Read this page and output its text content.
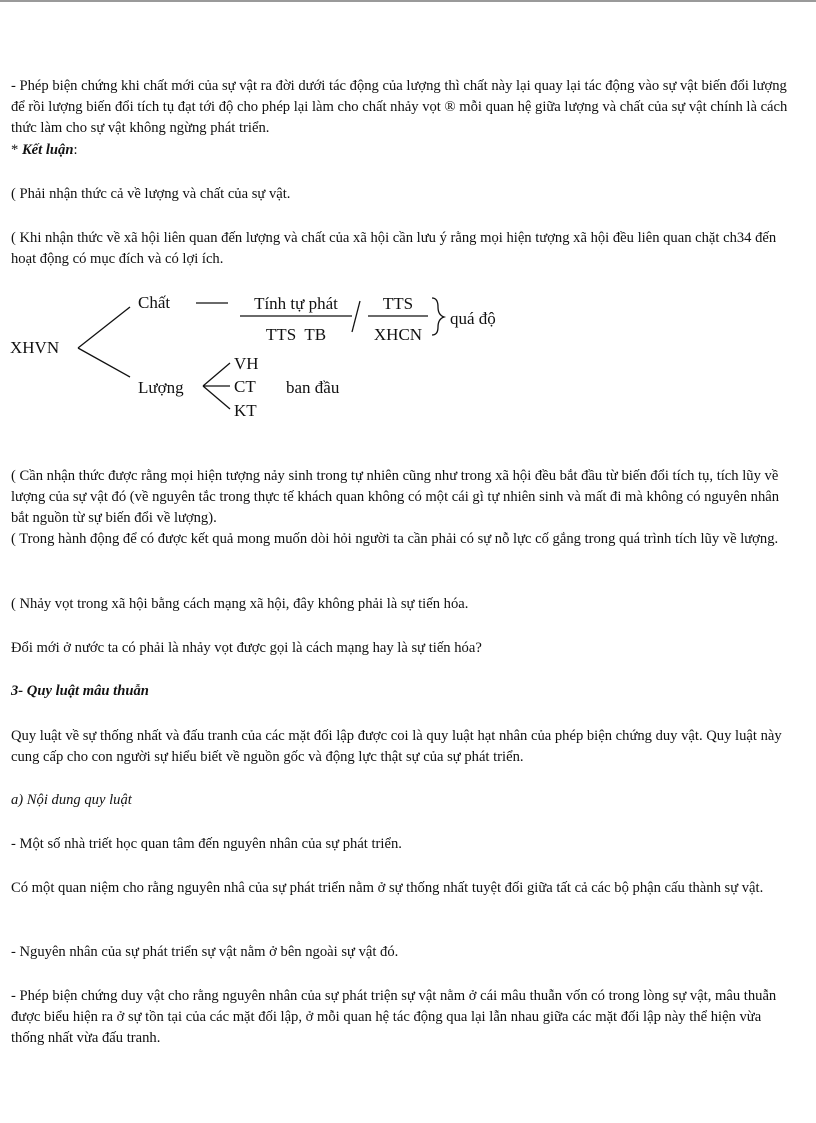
- Phép biện chứng khi chất mới của sự vật ra đời dưới tác động của lượng thì chất này lại quay lại tác động vào sự vật biến đổi lượng để rồi lượng biến đổi tích tụ đạt tới độ cho phép lại làm cho chất nhảy vọt ® mỗi quan hệ giữa lượng và chất của sự vật chính là cách thức làm cho sự vật không ngừng phát triển.

* Kết luận:

( Phải nhận thức cả về lượng và chất của sự vật.

( Khi nhận thức về xã hội liên quan đến lượng và chất của xã hội cần lưu ý rằng mọi hiện tượng xã hội đều liên quan chặt ch34 đến hoạt động có mục đích và có lợi ích.

XHVN
Chất	Tính tự phát
TTS  TB
TTS
XHCN
quá độ
Lượng
VH
CT
KT
ban đầu

( Cần nhận thức được rằng mọi hiện tượng nảy sinh trong tự nhiên cũng như trong xã hội đều bắt đầu từ biến đổi tích tụ, tích lũy về lượng của sự vật đó (về nguyên tắc trong thực tế khách quan không có một cái gì tự nhiên sinh và mất đi mà không có nguyên nhân bắt nguồn từ sự biến đổi về lượng).

( Trong hành động để có được kết quả mong muốn dòi hỏi người ta cần phải có sự nỗ lực cố gắng trong quá trình tích lũy về lượng.

( Nhảy vọt trong xã hội bằng cách mạng xã hội, đây không phải là sự tiến hóa.

Đổi mới ở nước ta có phải là nhảy vọt được gọi là cách mạng hay là sự tiến hóa?

3- Quy luật mâu thuẫn

Quy luật về sự thống nhất và đấu tranh của các mặt đối lập được coi là quy luật hạt nhân của phép biện chứng duy vật. Quy luật này cung cấp cho con người sự hiểu biết về nguồn gốc và động lực thật sự của sự phát triển.

a) Nội dung quy luật

- Một số nhà triết học quan tâm đến nguyên nhân của sự phát triển.

Có một quan niệm cho rằng nguyên nhâ của sự phát triển nằm ở sự thống nhất tuyệt đối giữa tất cả các bộ phận cấu thành sự vật.

- Nguyên nhân của sự phát triển sự vật nằm ở bên ngoài sự vật đó.

- Phép biện chứng duy vật cho rằng nguyên nhân của sự phát triện sự vật nằm ở cái mâu thuẫn vốn có trong lòng sự vật, mâu thuẫn được biểu hiện ra ở sự tồn tại của các mặt đối lập, ở mỗi quan hệ tác động qua lại lẫn nhau giữa các mặt đối lập này thể hiện vừa thống nhất vừa đấu tranh.
